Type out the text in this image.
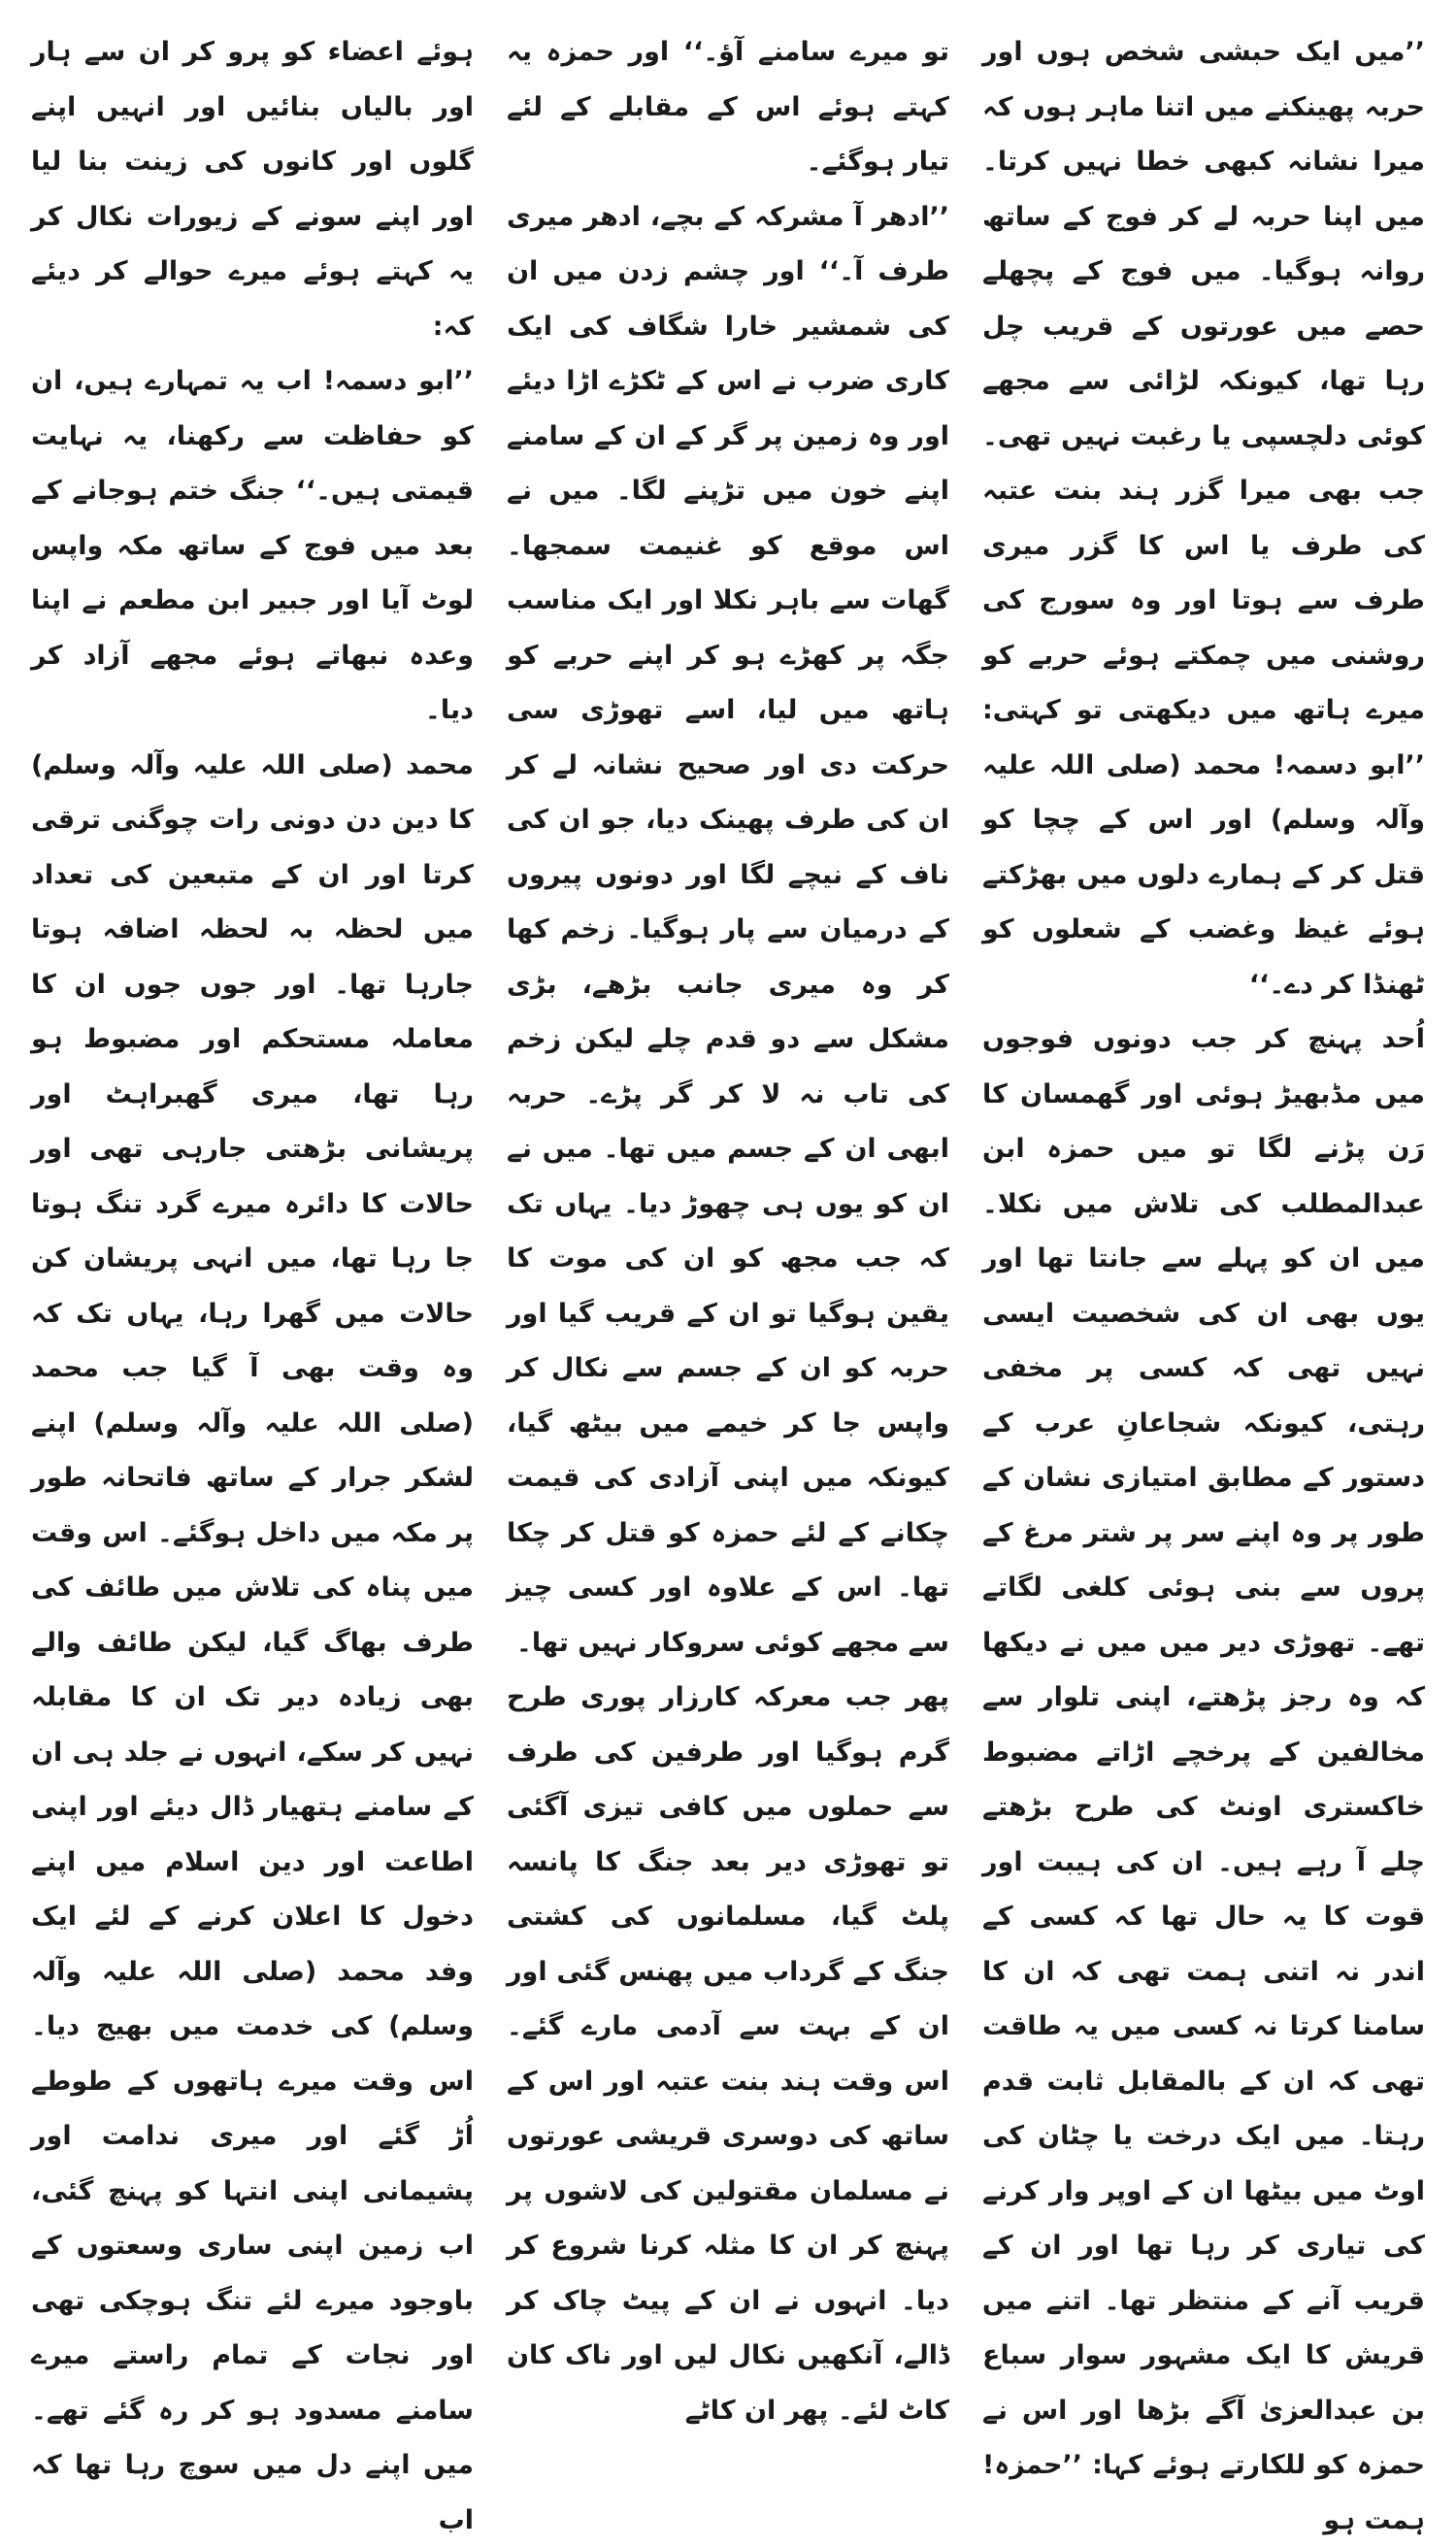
’’میں ایک حبشی شخص ہوں اور حربہ پھینکنے میں اتنا ماہر ہوں کہ میرا نشانہ کبھی خطا نہیں کرتا۔ میں اپنا حربہ لے کر فوج کے ساتھ روانہ ہوگیا۔ میں فوج کے پچھلے حصے میں عورتوں کے قریب چل رہا تھا، کیونکہ لڑائی سے مجھے کوئی دلچسپی یا رغبت نہیں تھی۔ جب بھی میرا گزر ہند بنت عتبہ کی طرف یا اس کا گزر میری طرف سے ہوتا اور وہ سورج کی روشنی میں چمکتے ہوئے حربے کو میرے ہاتھ میں دیکھتی تو کہتی: ’’ابو دسمہ! محمد (صلی اللہ علیہ وآلہ وسلم) اور اس کے چچا کو قتل کر کے ہمارے دلوں میں بھڑکتے ہوئے غیظ وغضب کے شعلوں کو ٹھنڈا کر دے۔‘‘

اُحد پہنچ کر جب دونوں فوجوں میں مڈبھیڑ ہوئی اور گھمسان کا رَن پڑنے لگا تو میں حمزہ ابن عبدالمطلب کی تلاش میں نکلا۔ میں ان کو پہلے سے جانتا تھا اور یوں بھی ان کی شخصیت ایسی نہیں تھی کہ کسی پر مخفی رہتی، کیونکہ شجاعانِ عرب کے دستور کے مطابق امتیازی نشان کے طور پر وہ اپنے سر پر شتر مرغ کے پروں سے بنی ہوئی کلغی لگاتے تھے۔ تھوڑی دیر میں میں نے دیکھا کہ وہ رجز پڑھتے، اپنی تلوار سے مخالفین کے پرخچے اڑاتے مضبوط خاکستری اونٹ کی طرح بڑھتے چلے آ رہے ہیں۔ ان کی ہیبت اور قوت کا یہ حال تھا کہ کسی کے اندر نہ اتنی ہمت تھی کہ ان کا سامنا کرتا نہ کسی میں یہ طاقت تھی کہ ان کے بالمقابل ثابت قدم رہتا۔ میں ایک درخت یا چٹان کی اوٹ میں بیٹھا ان کے اوپر وار کرنے کی تیاری کر رہا تھا اور ان کے قریب آنے کے منتظر تھا۔ اتنے میں قریش کا ایک مشہور سوار سباع بن عبدالعزیٰ آگے بڑھا اور اس نے حمزہ کو للکارتے ہوئے کہا: ’’حمزہ! ہمت ہو

تو میرے سامنے آؤ۔‘‘ اور حمزہ یہ کہتے ہوئے اس کے مقابلے کے لئے تیار ہوگئے۔

’’ادھر آ مشرکہ کے بچے، ادھر میری طرف آ۔‘‘ اور چشم زدن میں ان کی شمشیر خارا شگاف کی ایک کاری ضرب نے اس کے ٹکڑے اڑا دیئے اور وہ زمین پر گر کے ان کے سامنے اپنے خون میں تڑپنے لگا۔ میں نے اس موقع کو غنیمت سمجھا۔ گھات سے باہر نکلا اور ایک مناسب جگہ پر کھڑے ہو کر اپنے حربے کو ہاتھ میں لیا، اسے تھوڑی سی حرکت دی اور صحیح نشانہ لے کر ان کی طرف پھینک دیا، جو ان کی ناف کے نیچے لگا اور دونوں پیروں کے درمیان سے پار ہوگیا۔ زخم کھا کر وہ میری جانب بڑھے، بڑی مشکل سے دو قدم چلے لیکن زخم کی تاب نہ لا کر گر پڑے۔ حربہ ابھی ان کے جسم میں تھا۔ میں نے ان کو یوں ہی چھوڑ دیا۔ یہاں تک کہ جب مجھ کو ان کی موت کا یقین ہوگیا تو ان کے قریب گیا اور حربہ کو ان کے جسم سے نکال کر واپس جا کر خیمے میں بیٹھ گیا، کیونکہ میں اپنی آزادی کی قیمت چکانے کے لئے حمزہ کو قتل کر چکا تھا۔ اس کے علاوہ اور کسی چیز سے مجھے کوئی سروکار نہیں تھا۔

پھر جب معرکہ کارزار پوری طرح گرم ہوگیا اور طرفین کی طرف سے حملوں میں کافی تیزی آگئی تو تھوڑی دیر بعد جنگ کا پانسہ پلٹ گیا، مسلمانوں کی کشتی جنگ کے گرداب میں پھنس گئی اور ان کے بہت سے آدمی مارے گئے۔ اس وقت ہند بنت عتبہ اور اس کے ساتھ کی دوسری قریشی عورتوں نے مسلمان مقتولین کی لاشوں پر پہنچ کر ان کا مثلہ کرنا شروع کر دیا۔ انہوں نے ان کے پیٹ چاک کر ڈالے، آنکھیں نکال لیں اور ناک کان کاٹ لئے۔ پھر ان کاٹے

ہوئے اعضاء کو پرو کر ان سے ہار اور بالیاں بنائیں اور انہیں اپنے گلوں اور کانوں کی زینت بنا لیا اور اپنے سونے کے زیورات نکال کر یہ کہتے ہوئے میرے حوالے کر دیئے کہ:

’’ابو دسمہ! اب یہ تمہارے ہیں، ان کو حفاظت سے رکھنا، یہ نہایت قیمتی ہیں۔‘‘ جنگ ختم ہوجانے کے بعد میں فوج کے ساتھ مکہ واپس لوٹ آیا اور جبیر ابن مطعم نے اپنا وعدہ نبھاتے ہوئے مجھے آزاد کر دیا۔

محمد (صلی اللہ علیہ وآلہ وسلم) کا دین دن دونی رات چوگنی ترقی کرتا اور ان کے متبعین کی تعداد میں لحظہ بہ لحظہ اضافہ ہوتا جارہا تھا۔ اور جوں جوں ان کا معاملہ مستحکم اور مضبوط ہو رہا تھا، میری گھبراہٹ اور پریشانی بڑھتی جارہی تھی اور حالات کا دائرہ میرے گرد تنگ ہوتا جا رہا تھا، میں انہی پریشان کن حالات میں گھرا رہا، یہاں تک کہ وہ وقت بھی آ گیا جب محمد (صلی اللہ علیہ وآلہ وسلم) اپنے لشکر جرار کے ساتھ فاتحانہ طور پر مکہ میں داخل ہوگئے۔ اس وقت میں پناہ کی تلاش میں طائف کی طرف بھاگ گیا، لیکن طائف والے بھی زیادہ دیر تک ان کا مقابلہ نہیں کر سکے، انہوں نے جلد ہی ان کے سامنے ہتھیار ڈال دیئے اور اپنی اطاعت اور دین اسلام میں اپنے دخول کا اعلان کرنے کے لئے ایک وفد محمد (صلی اللہ علیہ وآلہ وسلم) کی خدمت میں بھیج دیا۔ اس وقت میرے ہاتھوں کے طوطے اُڑ گئے اور میری ندامت اور پشیمانی اپنی انتہا کو پہنچ گئی، اب زمین اپنی ساری وسعتوں کے باوجود میرے لئے تنگ ہوچکی تھی اور نجات کے تمام راستے میرے سامنے مسدود ہو کر رہ گئے تھے۔ میں اپنے دل میں سوچ رہا تھا کہ اب
